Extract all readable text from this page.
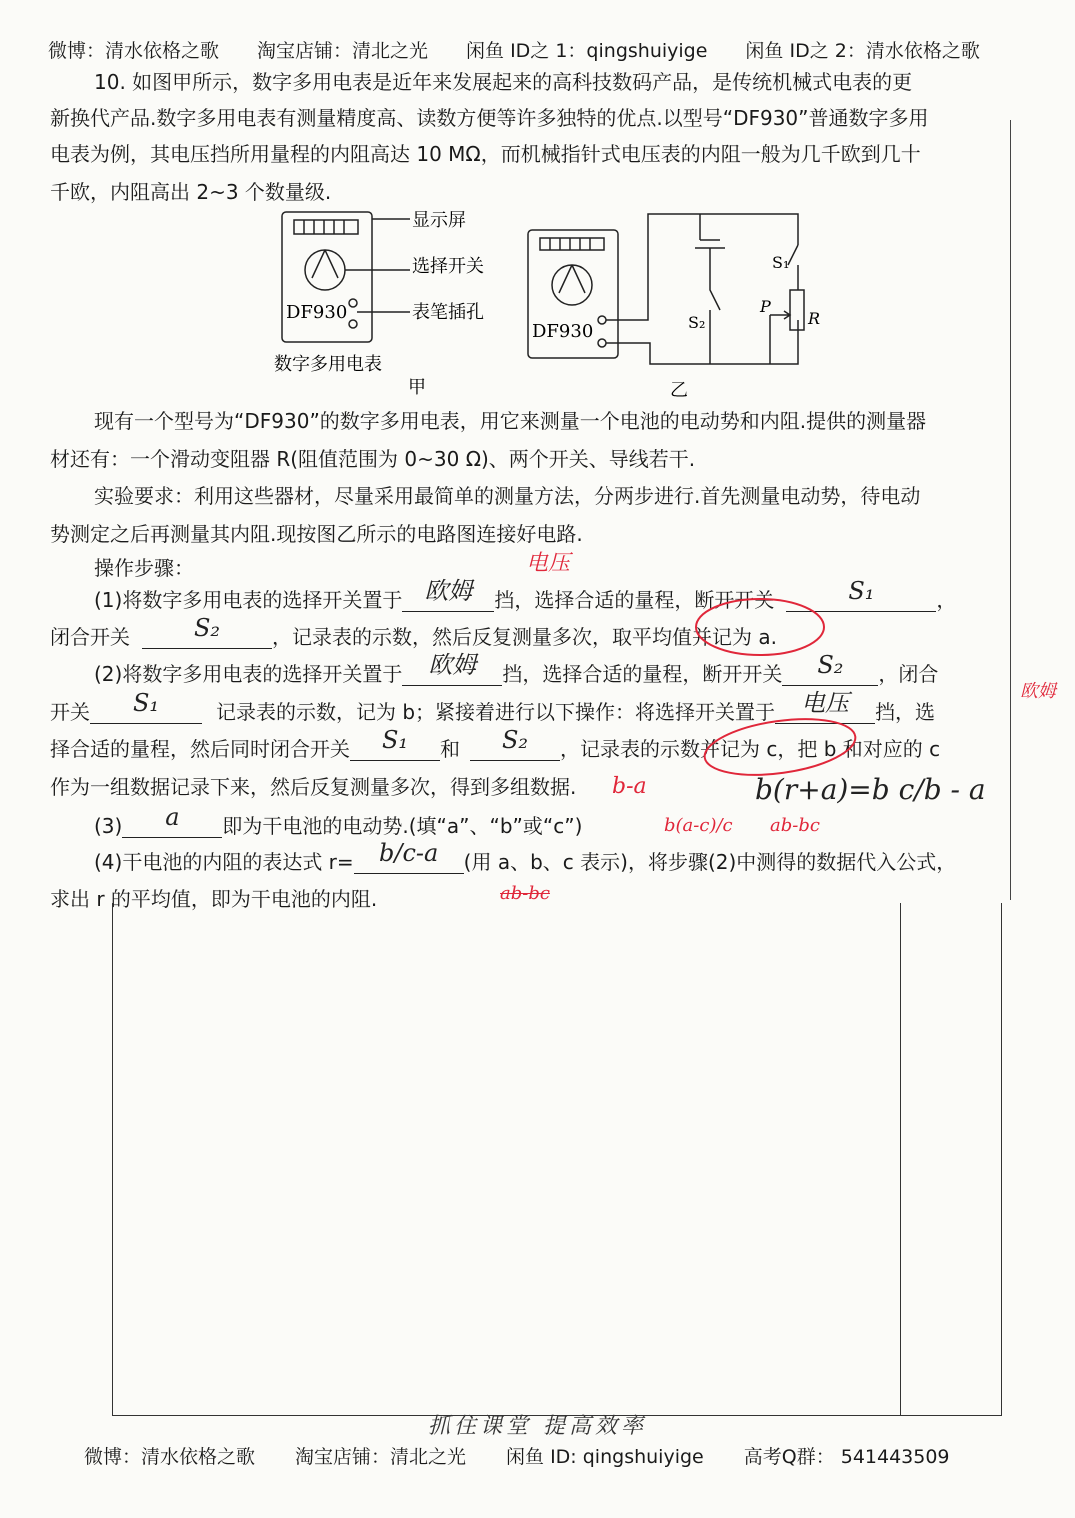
微博：清水依格之歌 淘宝店铺：清北之光 闲鱼 ID之 1：qingshuiyige 闲鱼 ID之 2：清水依格之歌
10. 如图甲所示，数字多用电表是近年来发展起来的高科技数码产品，是传统机械式电表的更
新换代产品.数字多用电表有测量精度高、读数方便等许多独特的优点.以型号“DF930”普通数字多用
电表为例，其电压挡所用量程的内阻高达 10 MΩ，而机械指针式电压表的内阻一般为几千欧到几十
千欧，内阻高出 2~3 个数量级.
DF930
显示屏
选择开关
表笔插孔
数字多用电表
甲
DF930
S₁
S₂
P
R
乙
现有一个型号为“DF930”的数字多用电表，用它来测量一个电池的电动势和内阻.提供的测量器
材还有：一个滑动变阻器 R(阻值范围为 0~30 Ω)、两个开关、导线若干.
实验要求：利用这些器材，尽量采用最简单的测量方法，分两步进行.首先测量电动势，待电动
势测定之后再测量其内阻.现按图乙所示的电路图连接好电路.
操作步骤：
(1)将数字多用电表的选择开关置于 欧姆	挡，选择合适的量程，断开开关	S₁	，
电压
闭合开关	S₂	，记录表的示数，然后反复测量多次，取平均值并记为 a.
(2)将数字多用电表的选择开关置于	欧姆	挡，选择合适的量程，断开开关	S₂	，闭合
欧姆
开关	S₁	记录表的示数，记为 b；紧接着进行以下操作：将选择开关置于	电压	挡，选
择合适的量程，然后同时闭合开关	S₁	和	S₂	，记录表的示数并记为 c，把 b 和对应的 c
作为一组数据记录下来，然后反复测量多次，得到多组数据. b-a
b(a-c)/c
b(r+a)=b c/b - a
(3)	a	即为干电池的电动势.(填“a”、“b”或“c”)	ab-bc
(4)干电池的内阻的表达式 r=	b/c-a	(用 a、b、c 表示)，将步骤(2)中测得的数据代入公式，
求出 r 的平均值，即为干电池的内阻.	ab-bc
抓住课堂 提高效率
微博：清水依格之歌 淘宝店铺：清北之光 闲鱼 ID: qingshuiyige 高考Q群： 541443509
